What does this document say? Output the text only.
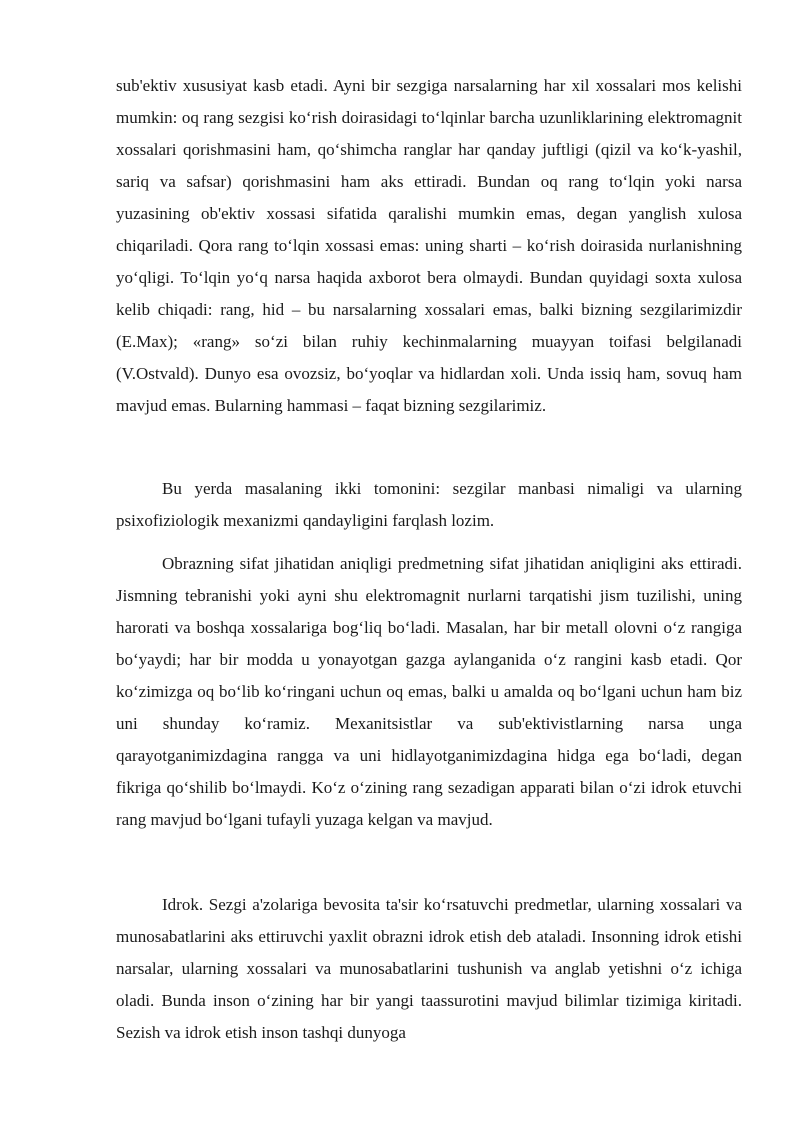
sub'ektiv xususiyat kasb etadi. Ayni bir sezgiga narsalarning har xil xossalari mos kelishi mumkin: oq rang sezgisi ko‘rish doirasidagi to‘lqinlar barcha uzunliklarining elektromagnit xossalari qorishmasini ham, qo‘shimcha ranglar har qanday juftligi (qizil va ko‘k-yashil, sariq va safsar) qorishmasini ham aks ettiradi. Bundan oq rang to‘lqin yoki narsa yuzasining ob'ektiv xossasi sifatida qaralishi mumkin emas, degan yanglish xulosa chiqariladi. Qora rang to‘lqin xossasi emas: uning sharti – ko‘rish doirasida nurlanishning yo‘qligi. To‘lqin yo‘q narsa haqida axborot bera olmaydi. Bundan quyidagi soxta xulosa kelib chiqadi: rang, hid – bu narsalarning xossalari emas, balki bizning sezgilarimizdir (E.Max); «rang» so‘zi bilan ruhiy kechinmalarning muayyan toifasi belgilanadi (V.Ostvald). Dunyo esa ovozsiz, bo‘yoqlar va hidlardan xoli. Unda issiq ham, sovuq ham mavjud emas. Bularning hammasi – faqat bizning sezgilarimiz.

Bu yerda masalaning ikki tomonini: sezgilar manbasi nimaligi va ularning psixofiziologik mexanizmi qandayligini farqlash lozim.

Obrazning sifat jihatidan aniqligi predmetning sifat jihatidan aniqligini aks ettiradi. Jismning tebranishi yoki ayni shu elektromagnit nurlarni tarqatishi jism tuzilishi, uning harorati va boshqa xossalariga bog‘liq bo‘ladi. Masalan, har bir metall olovni o‘z rangiga bo‘yaydi; har bir modda u yonayotgan gazga aylanganida o‘z rangini kasb etadi. Qor ko‘zimizga oq bo‘lib ko‘ringani uchun oq emas, balki u amalda oq bo‘lgani uchun ham biz uni shunday ko‘ramiz. Mexanitsistlar va sub'ektivistlarning narsa unga qarayotganimizdagina rangga va uni hidlayotganimizdagina hidga ega bo‘ladi, degan fikriga qo‘shilib bo‘lmaydi. Ko‘z o‘zining rang sezadigan apparati bilan o‘zi idrok etuvchi rang mavjud bo‘lgani tufayli yuzaga kelgan va mavjud.

Idrok. Sezgi a'zolariga bevosita ta'sir ko‘rsatuvchi predmetlar, ularning xossalari va munosabatlarini aks ettiruvchi yaxlit obrazni idrok etish deb ataladi. Insonning idrok etishi narsalar, ularning xossalari va munosabatlarini tushunish va anglab yetishni o‘z ichiga oladi. Bunda inson o‘zining har bir yangi taassurotini mavjud bilimlar tizimiga kiritadi. Sezish va idrok etish inson tashqi dunyoga
